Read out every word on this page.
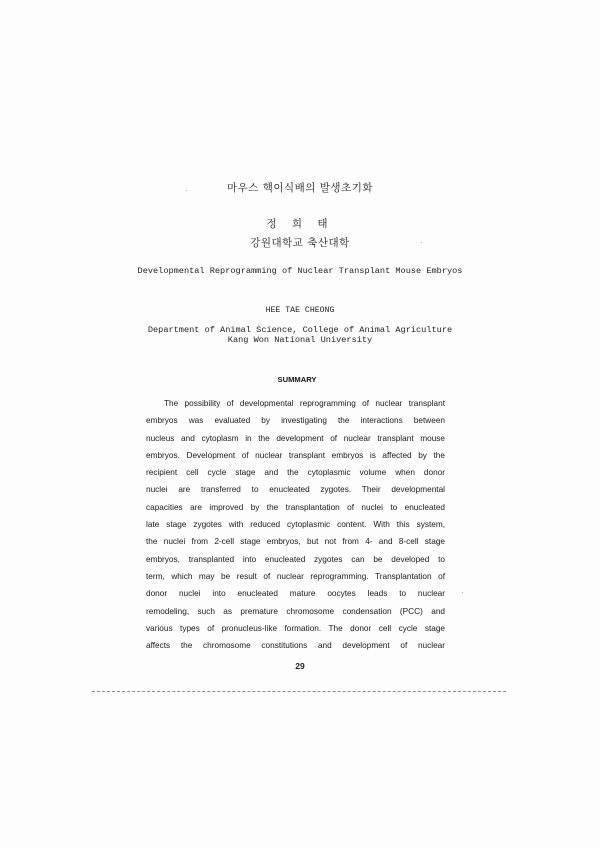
마우스 핵이식배의 발생초기화
정 희 태
강원대학교 축산대학
Developmental Reprogramming of Nuclear Transplant Mouse Embryos
HEE TAE CHEONG
Department of Animal Science, College of Animal Agriculture
Kang Won National University
SUMMARY
The possibility of developmental reprogramming of nuclear transplant
embryos was evaluated by investigating the interactions between
nucleus and cytoplasm in the development of nuclear transplant mouse
embryos. Development of nuclear transplant embryos is affected by the
recipient cell cycle stage and the cytoplasmic volume when donor
nuclei are transferred to enucleated zygotes. Their developmental
capacities are improved by the transplantation of nuclei to enucleated
late stage zygotes with reduced cytoplasmic content. With this system,
the nuclei from 2-cell stage embryos, but not from 4- and 8-cell stage
embryos, transplanted into enucleated zygotes can be developed to
term, which may be result of nuclear reprogramming. Transplantation of
donor nuclei into enucleated mature oocytes leads to nuclear
remodeling, such as premature chromosome condensation (PCC) and
various types of pronucleus-like formation. The donor cell cycle stage
affects the chromosome constitutions and development of nuclear
29
